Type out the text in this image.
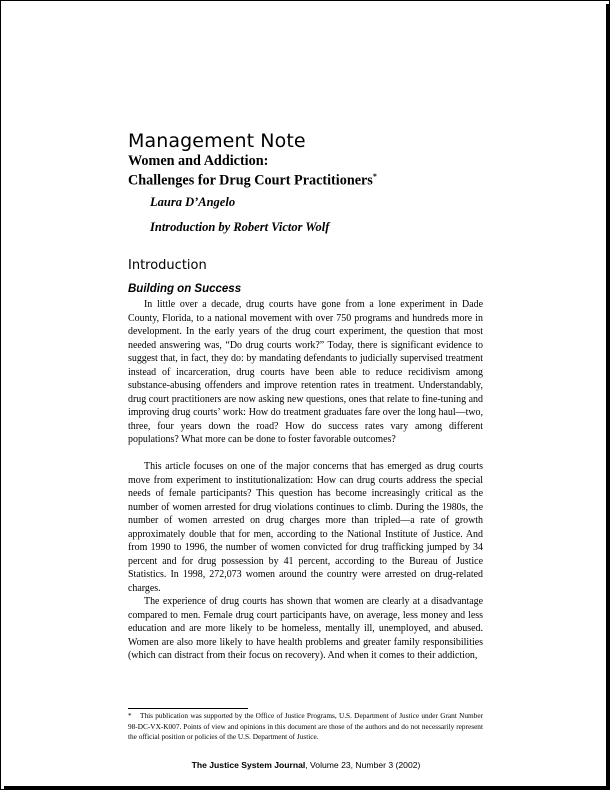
Management Note
Women and Addiction:
Challenges for Drug Court Practitioners*
Laura D’Angelo
Introduction by Robert Victor Wolf
Introduction
Building on Success

In little over a decade, drug courts have gone from a lone experiment in Dade County, Florida, to a national movement with over 750 programs and hundreds more in development. In the early years of the drug court experiment, the question that most needed answering was, “Do drug courts work?” Today, there is significant evidence to suggest that, in fact, they do: by mandating defendants to judicially supervised treatment instead of incarceration, drug courts have been able to reduce recidivism among substance-abusing offenders and improve retention rates in treatment. Understandably, drug court practitioners are now asking new questions, ones that relate to fine-tuning and improving drug courts’ work: How do treatment graduates fare over the long haul—two, three, four years down the road? How do success rates vary among different populations? What more can be done to foster favorable outcomes?

This article focuses on one of the major concerns that has emerged as drug courts move from experiment to institutionalization: How can drug courts address the special needs of female participants? This question has become increasingly critical as the number of women arrested for drug violations continues to climb. During the 1980s, the number of women arrested on drug charges more than tripled—a rate of growth approximately double that for men, according to the National Institute of Justice. And from 1990 to 1996, the number of women convicted for drug trafficking jumped by 34 percent and for drug possession by 41 percent, according to the Bureau of Justice Statistics. In 1998, 272,073 women around the country were arrested on drug-related charges.

The experience of drug courts has shown that women are clearly at a disadvantage compared to men. Female drug court participants have, on average, less money and less education and are more likely to be homeless, mentally ill, unemployed, and abused. Women are also more likely to have health problems and greater family responsibilities (which can distract from their focus on recovery). And when it comes to their addiction,

* This publication was supported by the Office of Justice Programs, U.S. Department of Justice under Grant Number 98-DC-VX-K007. Points of view and opinions in this document are those of the authors and do not necessarily represent the official position or policies of the U.S. Department of Justice.
The Justice System Journal, Volume 23, Number 3 (2002)
